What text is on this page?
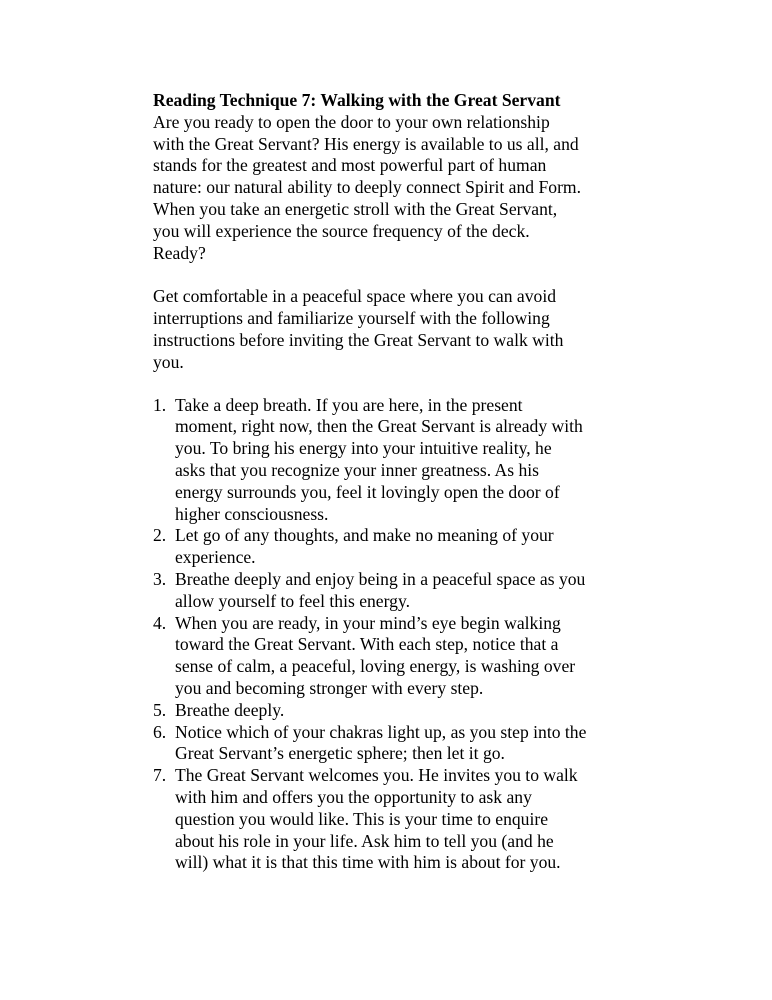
Reading Technique 7: Walking with the Great Servant
Are you ready to open the door to your own relationship
with the Great Servant? His energy is available to us all, and
stands for the greatest and most powerful part of human
nature: our natural ability to deeply connect Spirit and Form.
When you take an energetic stroll with the Great Servant,
you will experience the source frequency of the deck.
Ready?
Get comfortable in a peaceful space where you can avoid
interruptions and familiarize yourself with the following
instructions before inviting the Great Servant to walk with
you.
1. Take a deep breath. If you are here, in the present
moment, right now, then the Great Servant is already with
you. To bring his energy into your intuitive reality, he
asks that you recognize your inner greatness. As his
energy surrounds you, feel it lovingly open the door of
higher consciousness.
2. Let go of any thoughts, and make no meaning of your
experience.
3. Breathe deeply and enjoy being in a peaceful space as you
allow yourself to feel this energy.
4. When you are ready, in your mind’s eye begin walking
toward the Great Servant. With each step, notice that a
sense of calm, a peaceful, loving energy, is washing over
you and becoming stronger with every step.
5. Breathe deeply.
6. Notice which of your chakras light up, as you step into the
Great Servant’s energetic sphere; then let it go.
7. The Great Servant welcomes you. He invites you to walk
with him and offers you the opportunity to ask any
question you would like. This is your time to enquire
about his role in your life. Ask him to tell you (and he
will) what it is that this time with him is about for you.
